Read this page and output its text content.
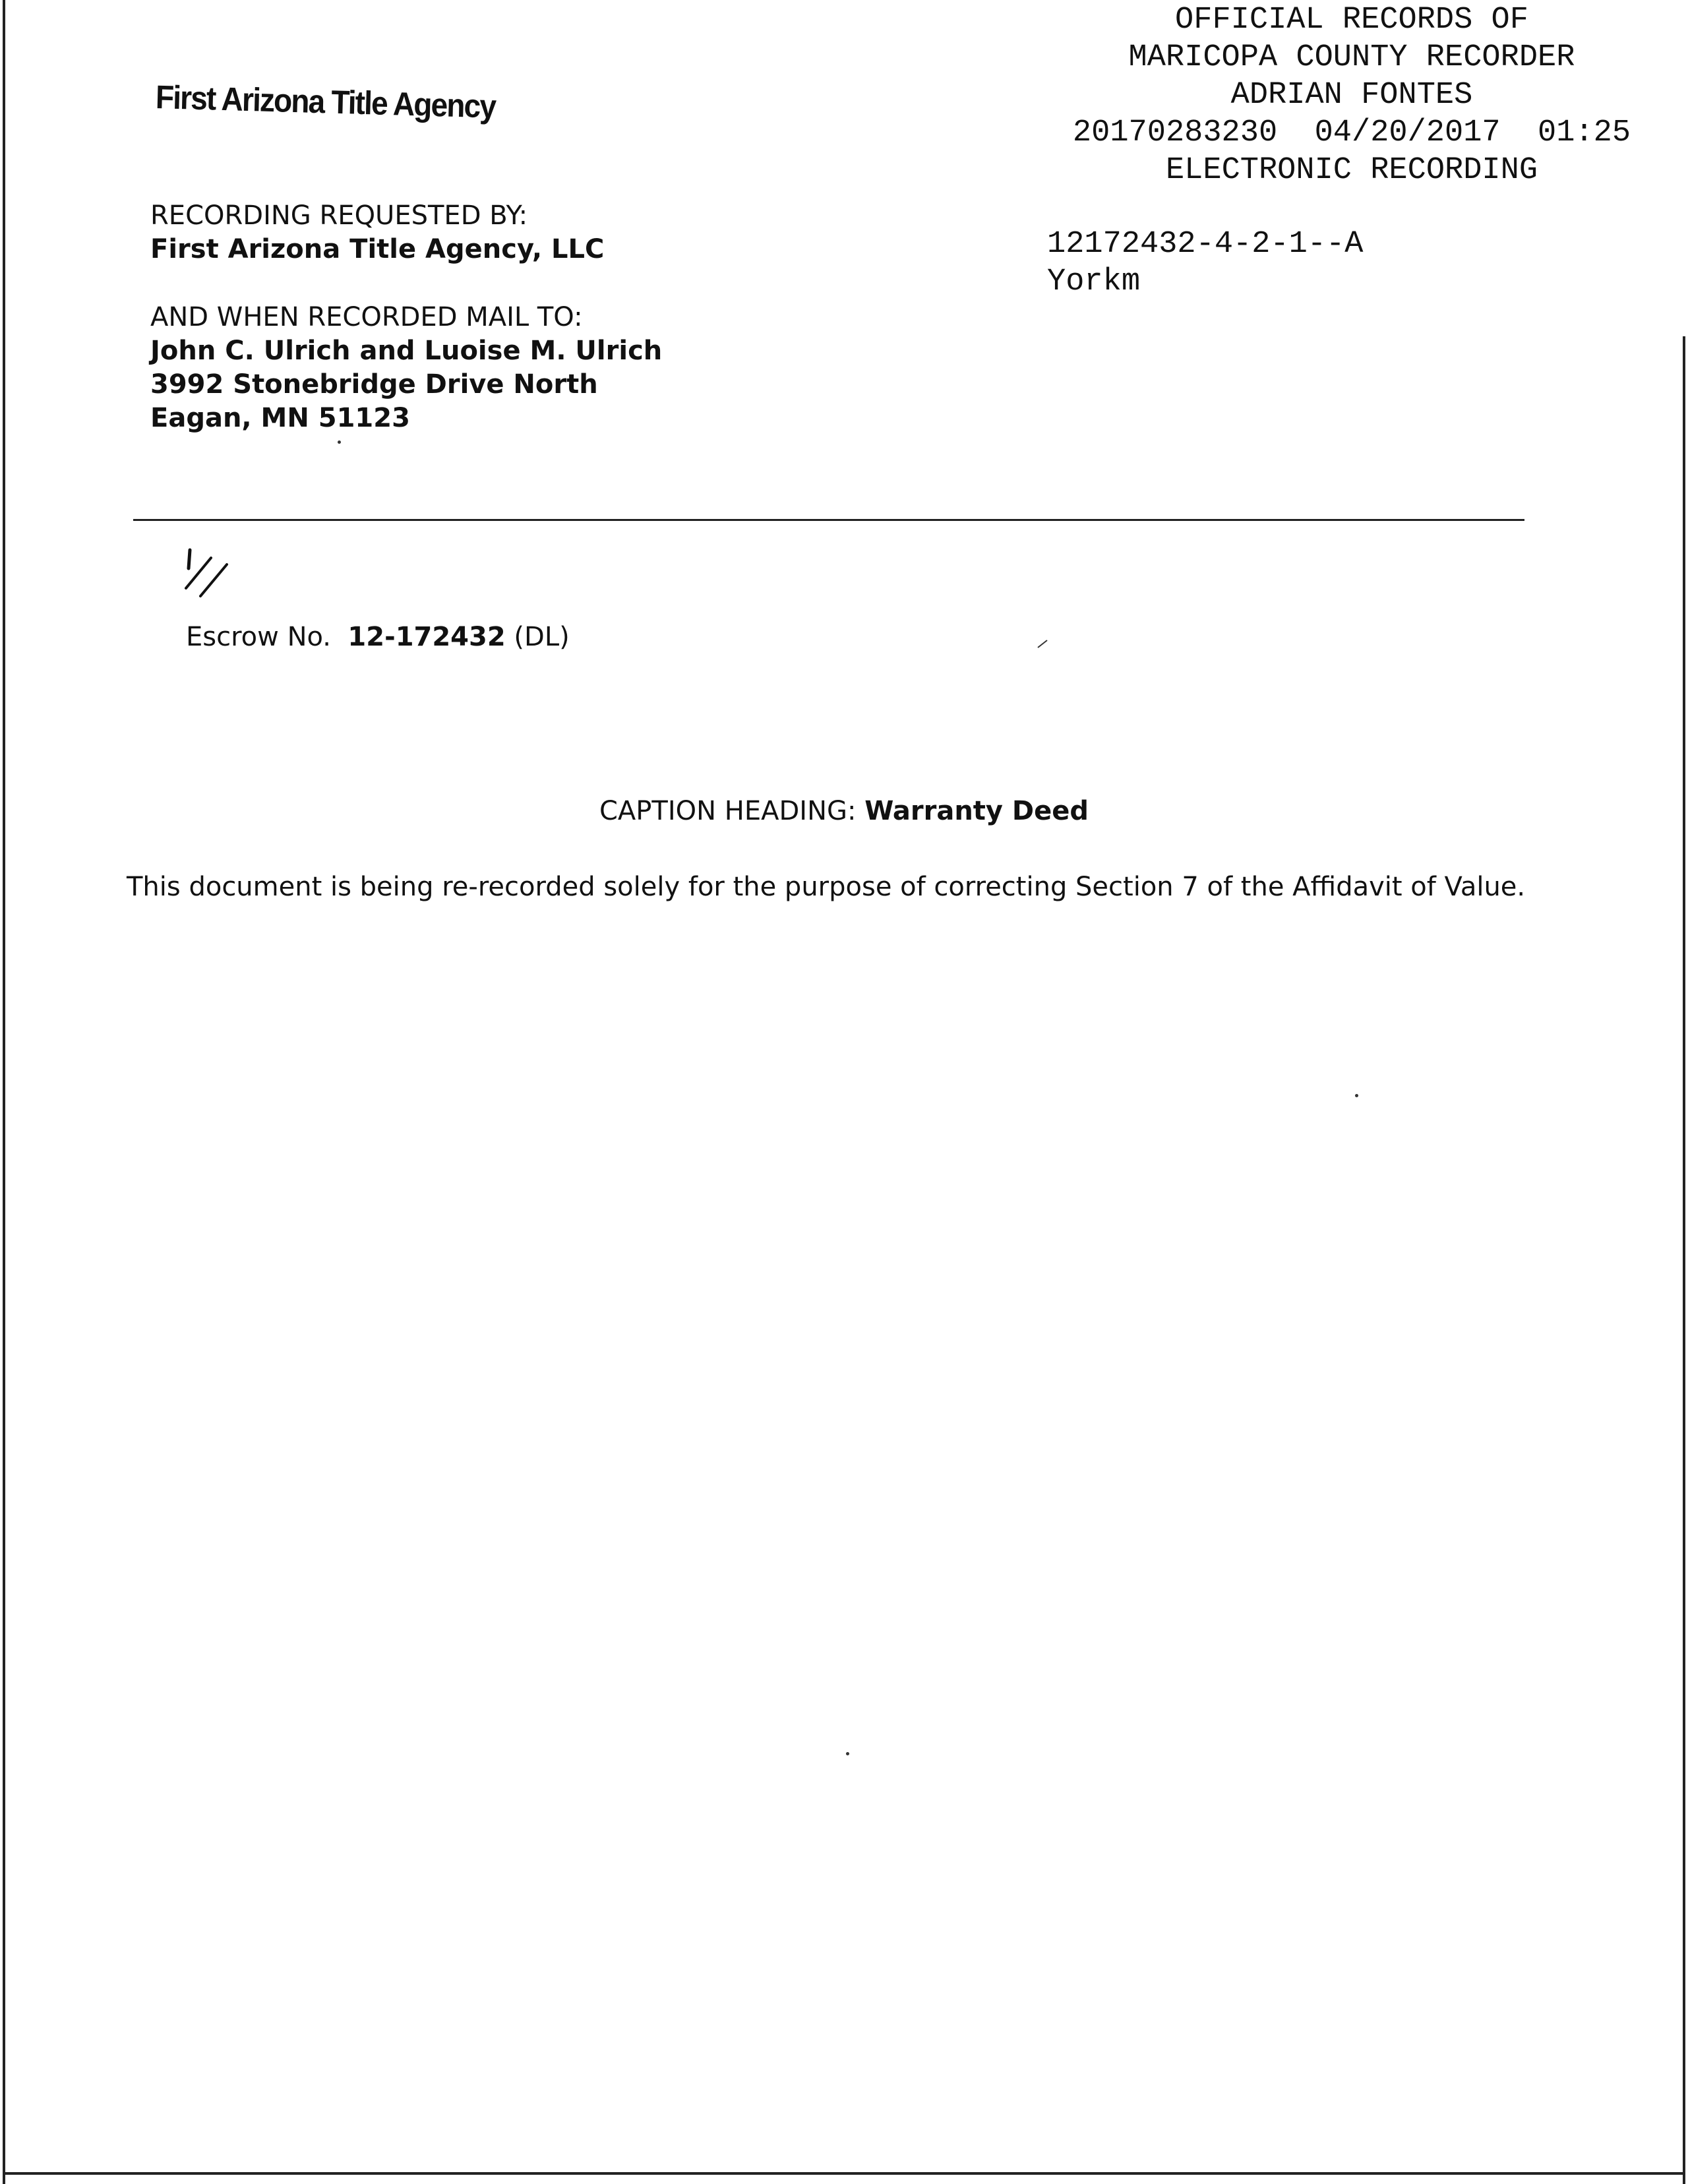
First Arizona Title Agency
OFFICIAL RECORDS OF
MARICOPA COUNTY RECORDER
ADRIAN FONTES
20170283230  04/20/2017  01:25
ELECTRONIC RECORDING
12172432-4-2-1--A
Yorkm
RECORDING REQUESTED BY:
First Arizona Title Agency, LLC
AND WHEN RECORDED MAIL TO:
John C. Ulrich and Luoise M. Ulrich
3992 Stonebridge Drive North
Eagan, MN 51123
Escrow No. 12-172432 (DL)
CAPTION HEADING: Warranty Deed
This document is being re-recorded solely for the purpose of correcting Section 7 of the Affidavit of Value.
